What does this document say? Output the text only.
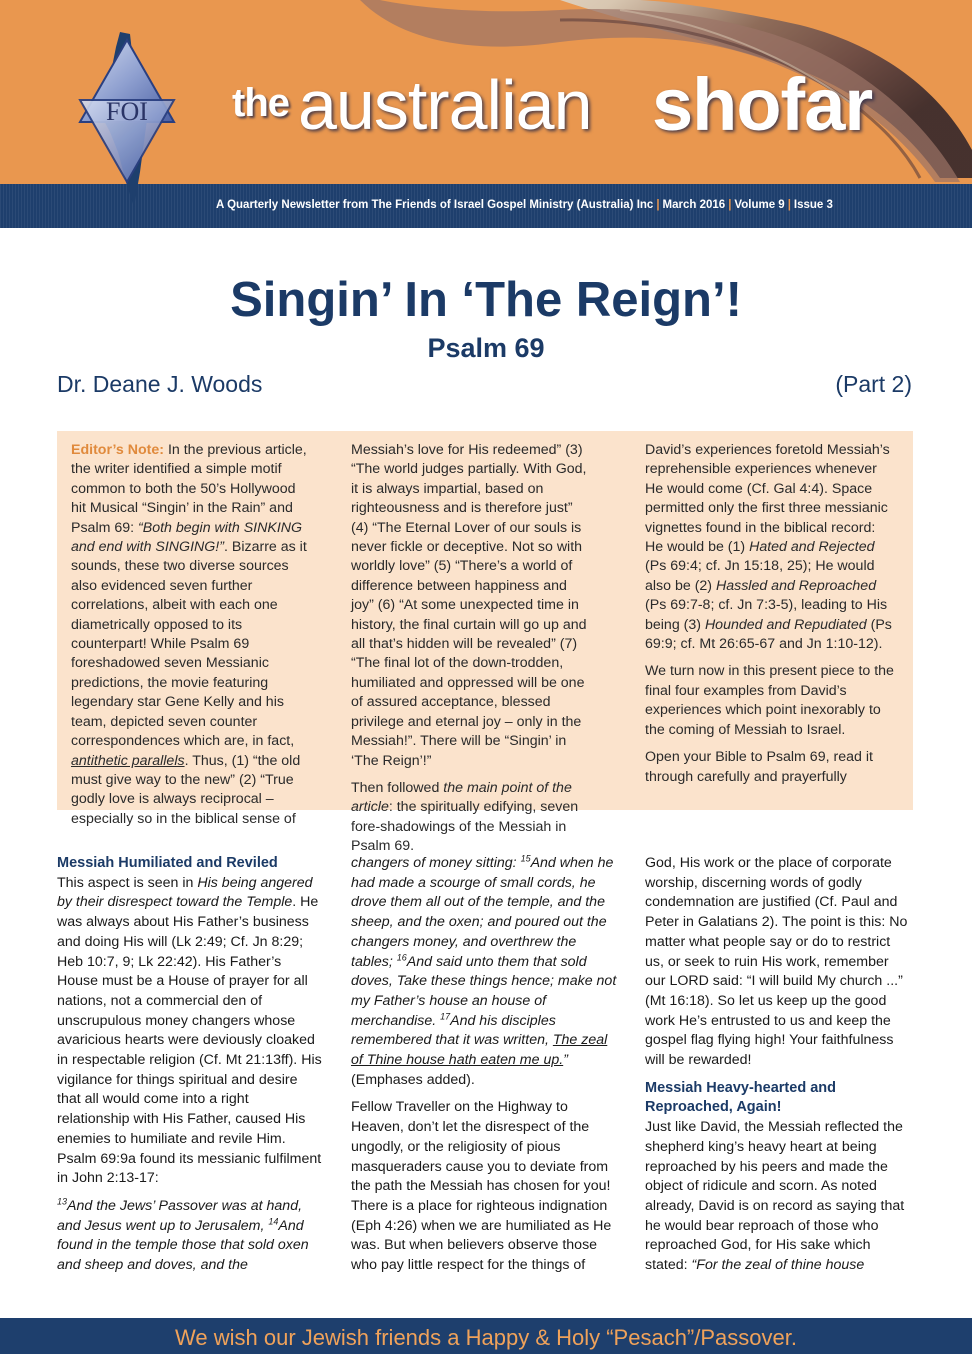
the australian shofar
A Quarterly Newsletter from The Friends of Israel Gospel Ministry (Australia) Inc | March 2016 | Volume 9 | Issue 3
FOI
Singin’ In ‘The Reign’!
Psalm 69
Dr. Deane J. Woods	(Part 2)

Editor’s Note: In the previous article, the writer identified a simple motif common to both the 50’s Hollywood hit Musical “Singin’ in the Rain” and Psalm 69: “Both begin with SINKING and end with SINGING!”. Bizarre as it sounds, these two diverse sources also evidenced seven further correlations, albeit with each one diametrically opposed to its counterpart! While Psalm 69 foreshadowed seven Messianic predictions, the movie featuring legendary star Gene Kelly and his team, depicted seven counter correspondences which are, in fact, antithetic parallels. Thus, (1) “the old must give way to the new” (2) “True godly love is always reciprocal – especially so in the biblical sense of

Messiah’s love for His redeemed” (3) “The world judges partially. With God, it is always impartial, based on righteousness and is therefore just” (4) “The Eternal Lover of our souls is never fickle or deceptive. Not so with worldly love” (5) “There’s a world of difference between happiness and joy” (6) “At some unexpected time in history, the final curtain will go up and all that’s hidden will be revealed” (7) “The final lot of the down-trodden, humiliated and oppressed will be one of assured acceptance, blessed privilege and eternal joy – only in the Messiah!”. There will be “Singin’ in ‘The Reign’!”

Then followed the main point of the article: the spiritually edifying, seven fore-shadowings of the Messiah in Psalm 69.

David’s experiences foretold Messiah’s reprehensible experiences whenever He would come (Cf. Gal 4:4). Space permitted only the first three messianic vignettes found in the biblical record: He would be (1) Hated and Rejected (Ps 69:4; cf. Jn 15:18, 25); He would also be (2) Hassled and Reproached (Ps 69:7-8; cf. Jn 7:3-5), leading to His being (3) Hounded and Repudiated (Ps 69:9; cf. Mt 26:65-67 and Jn 1:10-12).

We turn now in this present piece to the final four examples from David’s experiences which point inexorably to the coming of Messiah to Israel.

Open your Bible to Psalm 69, read it through carefully and prayerfully

Messiah Humiliated and Reviled

This aspect is seen in His being angered by their disrespect toward the Temple. He was always about His Father’s business and doing His will (Lk 2:49; Cf. Jn 8:29; Heb 10:7, 9; Lk 22:42). His Father’s House must be a House of prayer for all nations, not a commercial den of unscrupulous money changers whose avaricious hearts were deviously cloaked in respectable religion (Cf. Mt 21:13ff). His vigilance for things spiritual and desire that all would come into a right relationship with His Father, caused His enemies to humiliate and revile Him. Psalm 69:9a found its messianic fulfilment in John 2:13-17:

$^{13}$And the Jews’ Passover was at hand, and Jesus went up to Jerusalem, $^{14}$And found in the temple those that sold oxen and sheep and doves, and the

changers of money sitting: $^{15}$And when he had made a scourge of small cords, he drove them all out of the temple, and the sheep, and the oxen; and poured out the changers money, and overthrew the tables; $^{16}$And said unto them that sold doves, Take these things hence; make not my Father’s house an house of merchandise. $^{17}$And his disciples remembered that it was written, The zeal of Thine house hath eaten me up.” (Emphases added).

Fellow Traveller on the Highway to Heaven, don’t let the disrespect of the ungodly, or the religiosity of pious masqueraders cause you to deviate from the path the Messiah has chosen for you! There is a place for righteous indignation (Eph 4:26) when we are humiliated as He was. But when believers observe those who pay little respect for the things of

God, His work or the place of corporate worship, discerning words of godly condemnation are justified (Cf. Paul and Peter in Galatians 2). The point is this: No matter what people say or do to restrict us, or seek to ruin His work, remember our LORD said: “I will build My church ...” (Mt 16:18). So let us keep up the good work He’s entrusted to us and keep the gospel flag flying high! Your faithfulness will be rewarded!

Messiah Heavy-hearted and Reproached, Again!

Just like David, the Messiah reflected the shepherd king’s heavy heart at being reproached by his peers and made the object of ridicule and scorn. As noted already, David is on record as saying that he would bear reproach of those who reproached God, for His sake which stated: “For the zeal of thine house

We wish our Jewish friends a Happy & Holy “Pesach”/Passover.
